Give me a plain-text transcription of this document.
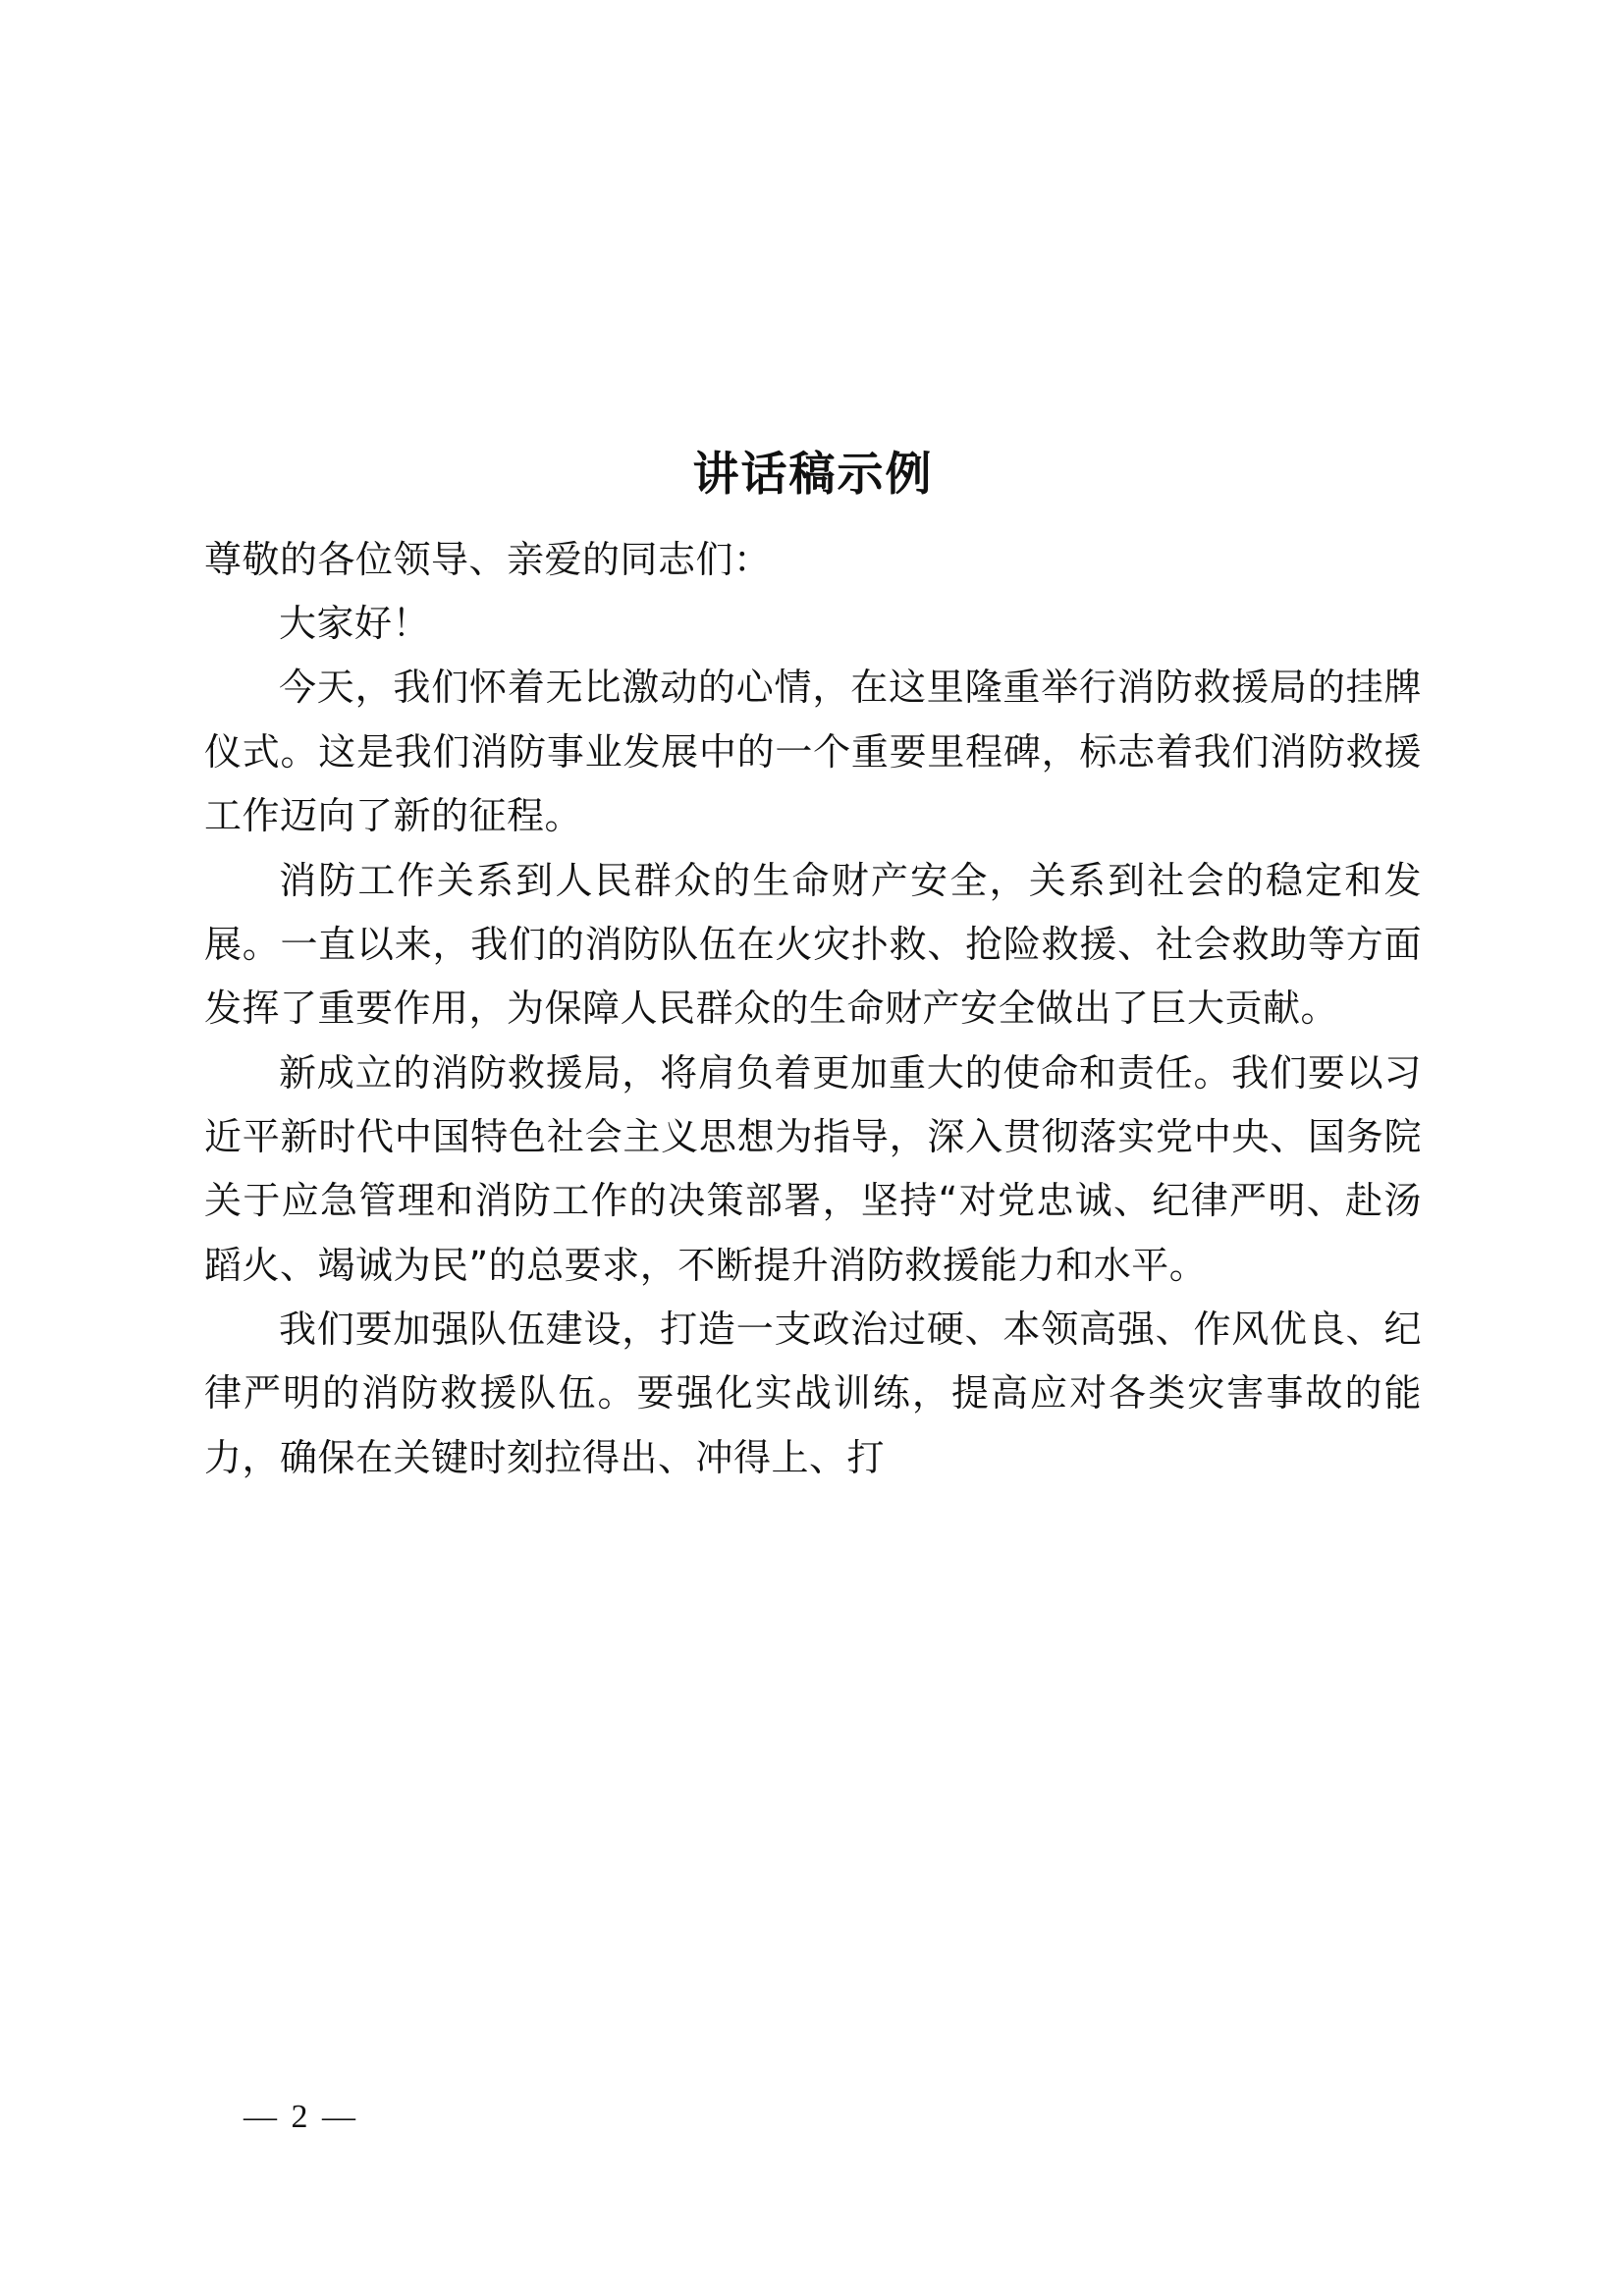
讲话稿示例

尊敬的各位领导、亲爱的同志们：

大家好！

今天，我们怀着无比激动的心情，在这里隆重举行消防救援局的挂牌仪式。这是我们消防事业发展中的一个重要里程碑，标志着我们消防救援工作迈向了新的征程。

消防工作关系到人民群众的生命财产安全，关系到社会的稳定和发展。一直以来，我们的消防队伍在火灾扑救、抢险救援、社会救助等方面发挥了重要作用，为保障人民群众的生命财产安全做出了巨大贡献。

新成立的消防救援局，将肩负着更加重大的使命和责任。我们要以习近平新时代中国特色社会主义思想为指导，深入贯彻落实党中央、国务院关于应急管理和消防工作的决策部署，坚持“对党忠诚、纪律严明、赴汤蹈火、竭诚为民”的总要求，不断提升消防救援能力和水平。

我们要加强队伍建设，打造一支政治过硬、本领高强、作风优良、纪律严明的消防救援队伍。要强化实战训练，提高应对各类灾害事故的能力，确保在关键时刻拉得出、冲得上、打

— 2 —
